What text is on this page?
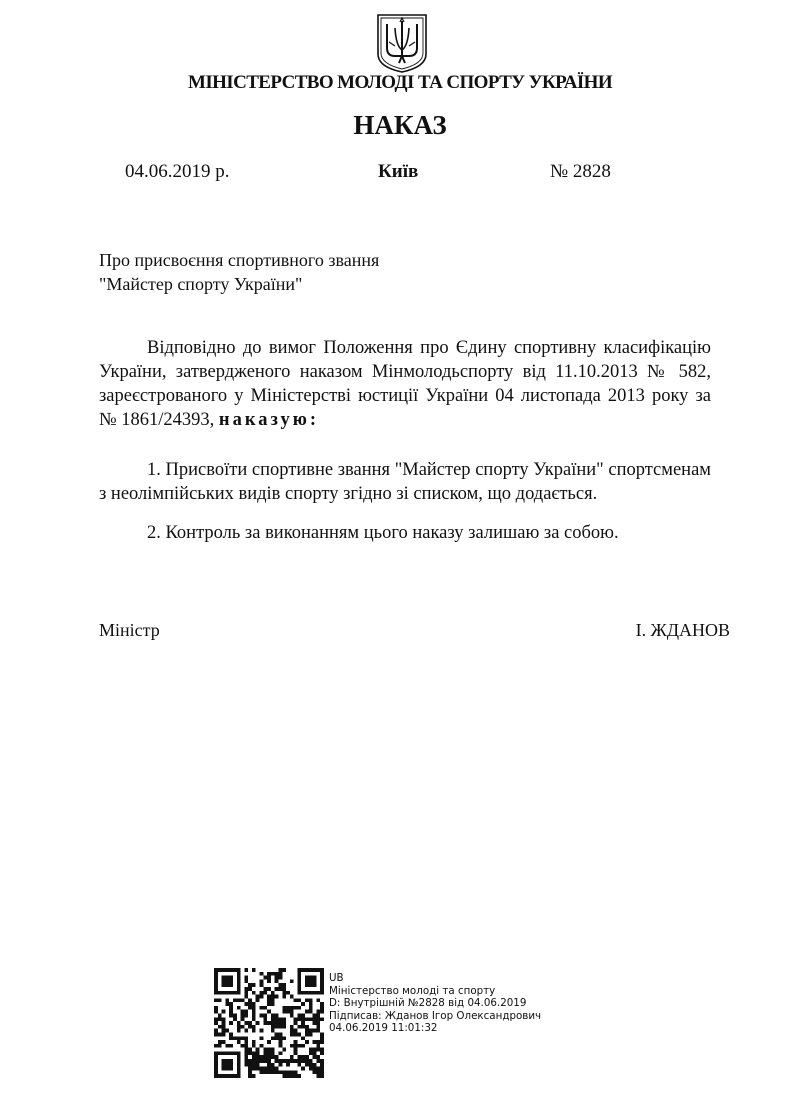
МІНІСТЕРСТВО МОЛОДІ ТА СПОРТУ УКРАЇНИ
НАКАЗ
04.06.2019 р.	Київ	№ 2828
Про присвоєння спортивного звання
"Майстер спорту України"
Відповідно до вимог Положення про Єдину спортивну класифікацію України, затвердженого наказом Мінмолодьспорту від 11.10.2013 № 582, зареєстрованого у Міністерстві юстиції України 04 листопада 2013 року за № 1861/24393, наказую:
1. Присвоїти спортивне звання "Майстер спорту України" спортсменам з неолімпійських видів спорту згідно зі списком, що додається.
2. Контроль за виконанням цього наказу залишаю за собою.
Міністр	І. ЖДАНОВ
UB
Міністерство молоді та спорту
D: Внутрішній №2828 від 04.06.2019
Підписав: Жданов Ігор Олександрович
04.06.2019 11:01:32
